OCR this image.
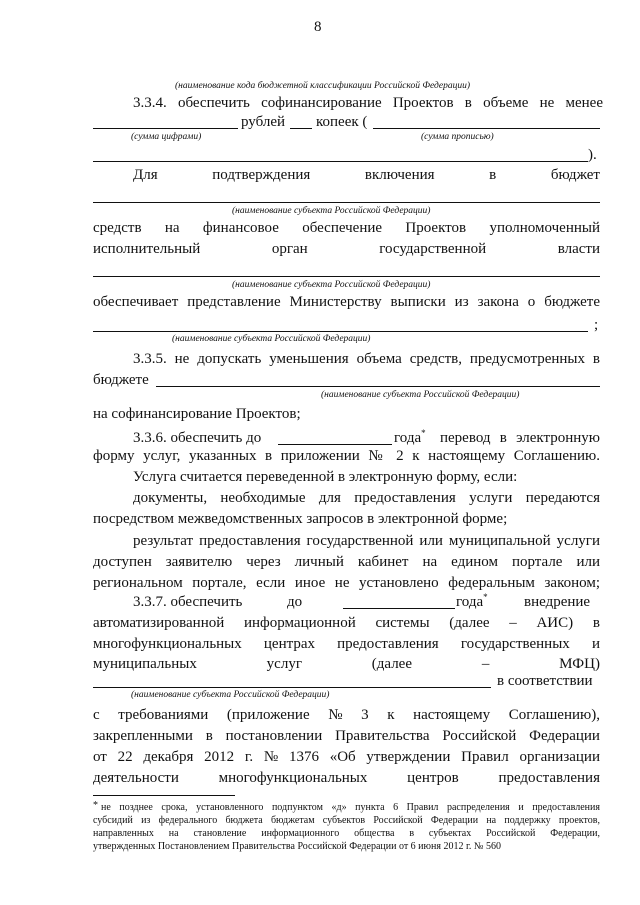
8
(наименование кода бюджетной классификации Российской Федерации)
3.3.4. обеспечить софинансирование Проектов в объеме не менее
рублей копеек (
(сумма цифрами)	(сумма прописью)
).
Для	подтверждения	включения	в	бюджет
(наименование субъекта Российской Федерации)
средств на финансовое обеспечение Проектов уполномоченный
исполнительный	орган	государственной	власти
(наименование субъекта Российской Федерации)
обеспечивает представление Министерству выписки из закона о бюджете
;
(наименование субъекта Российской Федерации)
3.3.5. не допускать уменьшения объема средств, предусмотренных в
бюджете
(наименование субъекта Российской Федерации)
на софинансирование Проектов;
3.3.6. обеспечить до	года* перевод в электронную
форму услуг, указанных в приложении № 2 к настоящему Соглашению.
Услуга считается переведенной в электронную форму, если:
документы, необходимые для предоставления услуги передаются
посредством межведомственных запросов в электронной форме;
результат предоставления государственной или муниципальной услуги
доступен заявителю через личный кабинет на едином портале или
региональном портале, если иное не установлено федеральным законом;
3.3.7. обеспечить	до	года* внедрение
автоматизированной информационной системы (далее – АИС) в
многофункциональных центрах предоставления государственных и
муниципальных	услуг	(далее	–	МФЦ)
в соответствии
(наименование субъекта Российской Федерации)
с требованиями (приложение № 3 к настоящему Соглашению),
закрепленными в постановлении Правительства Российской Федерации
от 22 декабря 2012 г. № 1376 «Об утверждении Правил организации
деятельности	многофункциональных	центров	предоставления
* не позднее срока, установленного подпунктом «д» пункта 6 Правил распределения и предоставления
субсидий из федерального бюджета бюджетам субъектов Российской Федерации на поддержку проектов,
направленных на становление информационного общества в субъектах Российской Федерации,
утвержденных Постановлением Правительства Российской Федерации от 6 июня 2012 г. № 560
